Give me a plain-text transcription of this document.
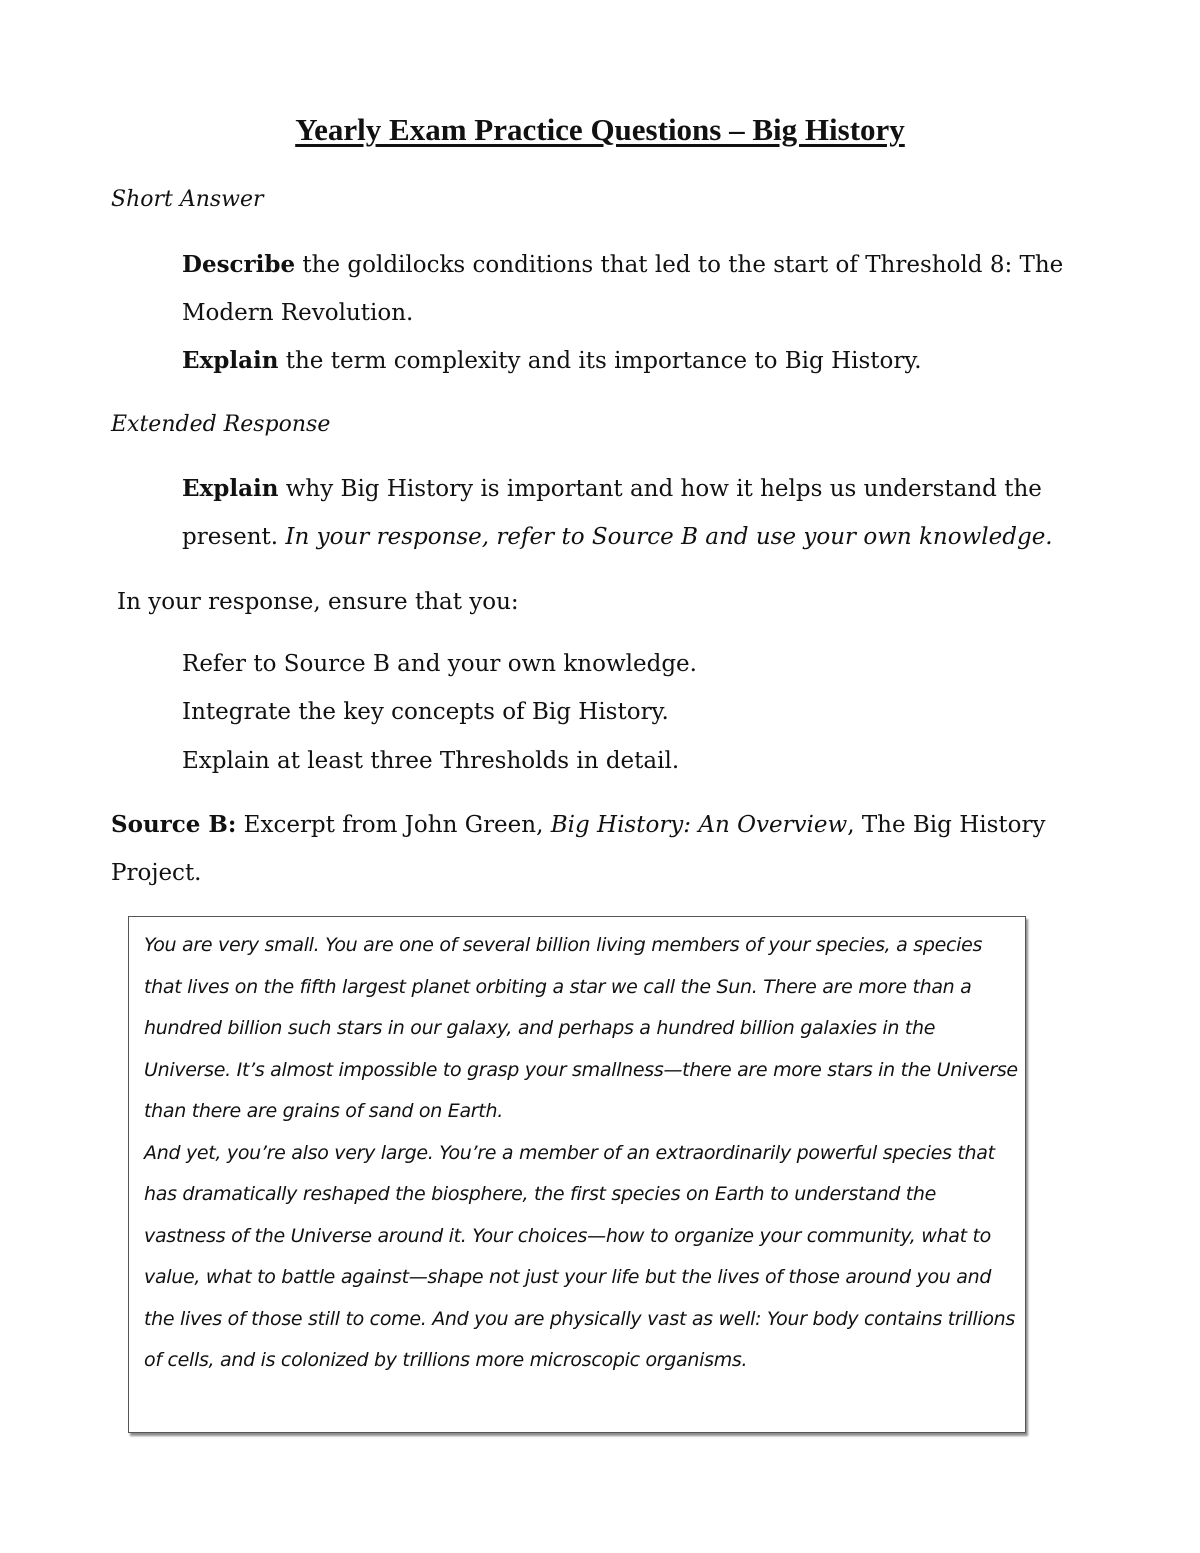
Yearly Exam Practice Questions – Big History
Short Answer
Describe the goldilocks conditions that led to the start of Threshold 8: The
Modern Revolution.
Explain the term complexity and its importance to Big History.
Extended Response
Explain why Big History is important and how it helps us understand the
present. In your response, refer to Source B and use your own knowledge.
In your response, ensure that you:
Refer to Source B and your own knowledge.
Integrate the key concepts of Big History.
Explain at least three Thresholds in detail.
Source B: Excerpt from John Green, Big History: An Overview, The Big History
Project.

You are very small. You are one of several billion living members of your species, a species that lives on the fifth largest planet orbiting a star we call the Sun. There are more than a hundred billion such stars in our galaxy, and perhaps a hundred billion galaxies in the Universe. It’s almost impossible to grasp your smallness—there are more stars in the Universe than there are grains of sand on Earth.

And yet, you’re also very large. You’re a member of an extraordinarily powerful species that has dramatically reshaped the biosphere, the first species on Earth to understand the vastness of the Universe around it. Your choices—how to organize your community, what to value, what to battle against—shape not just your life but the lives of those around you and the lives of those still to come. And you are physically vast as well: Your body contains trillions of cells, and is colonized by trillions more microscopic organisms.
